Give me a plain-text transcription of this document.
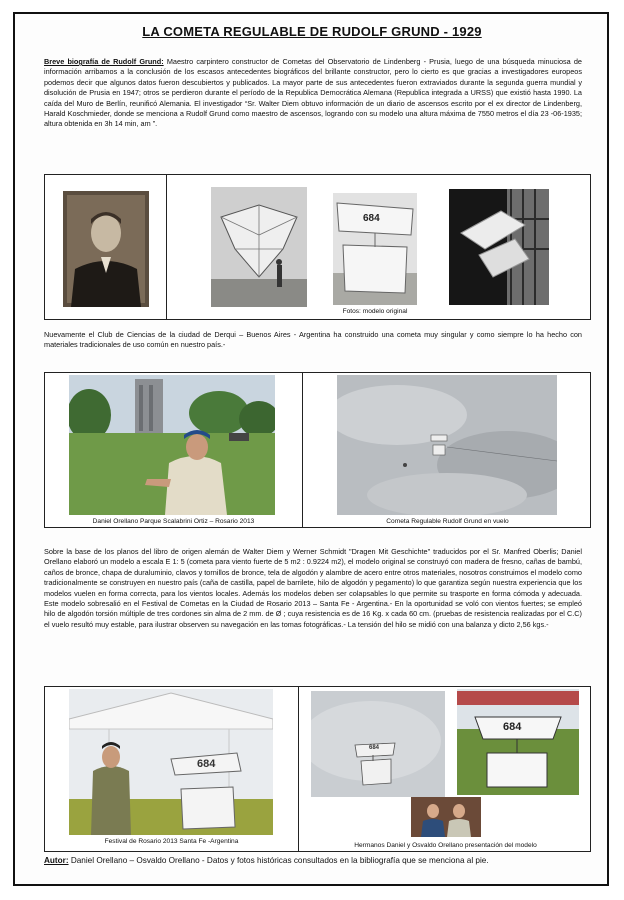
LA COMETA REGULABLE DE RUDOLF GRUND - 1929
Breve biografía de Rudolf Grund: Maestro carpintero constructor de Cometas del Observatorio de Lindenberg - Prusia, luego de una búsqueda minuciosa de información arribamos a la conclusión de los escasos antecedentes biográficos del brillante constructor, pero lo cierto es que gracias a investigadores europeos podemos decir que algunos datos fueron descubiertos y publicados. La mayor parte de sus antecedentes fueron extraviados durante la segunda guerra mundial y disolución de Prusia en 1947; otros se perdieron durante el período de la Republica Democrática Alemana (Republica integrada a URSS) que existió hasta 1990. La caída del Muro de Berlín, reunificó Alemania. El investigador “Sr. Walter Diem obtuvo información de un diario de ascensos escrito por el ex director de Lindenberg, Harald Koschmieder, donde se menciona a Rudolf Grund como maestro de ascensos, logrando con su modelo una altura máxima de 7550 metros el día 23 -06-1935; altura obtenida en 3h 14 min, am ”.
684
Fotos: modelo original
Nuevamente el Club de Ciencias de la ciudad de Derqui – Buenos Aires - Argentina ha construido una cometa muy singular y como siempre lo ha hecho con materiales tradicionales de uso común en nuestro país.-
Daniel Orellano Parque Scalabrini Ortiz – Rosario 2013	Cometa Regulable Rudolf Grund en vuelo
Sobre la base de los planos del libro de origen alemán de Walter Diem y Werner Schmidt "Dragen Mit Geschichte" traducidos por el Sr. Manfred Oberlis; Daniel Orellano elaboró un modelo a escala E 1: 5 (cometa para viento fuerte de 5 m2 : 0.9224 m2), el modelo original se construyó con madera de fresno, cañas de bambú, caños de bronce, chapa de duraluminio, clavos y tornillos de bronce, tela de algodón y alambre de acero entre otros materiales, nosotros construimos el modelo como tradicionalmente se construyen en nuestro país (caña de castilla, papel de barrilete, hilo de algodón y pegamento) lo que garantiza según nuestra experiencia que los modelos vuelen en forma correcta, para los vientos locales. Además los modelos deben ser colapsables lo que permite su trasporte en forma cómoda y adecuada. Este modelo sobresalió en el Festival de Cometas en la Ciudad de Rosario 2013 – Santa Fe - Argentina.- En la oportunidad se voló con vientos fuertes; se empleó hilo de algodón torsión múltiple de tres cordones sin alma de 2 mm. de Ø ; cuya resistencia es de 16 Kg. x cada 60 cm. (pruebas de resistencia realizadas por el C.C) el vuelo resultó muy estable, para ilustrar observen su navegación en las tomas fotográficas.- La tensión del hilo se midió con una balanza y dicto 2,56 kgs.-
684
684
684
Festival de Rosario 2013 Santa Fe -Argentina
Hermanos Daniel y Osvaldo Orellano presentación del modelo
Autor: Daniel Orellano – Osvaldo Orellano - Datos y fotos históricas consultados en la bibliografía que se menciona al pie.
